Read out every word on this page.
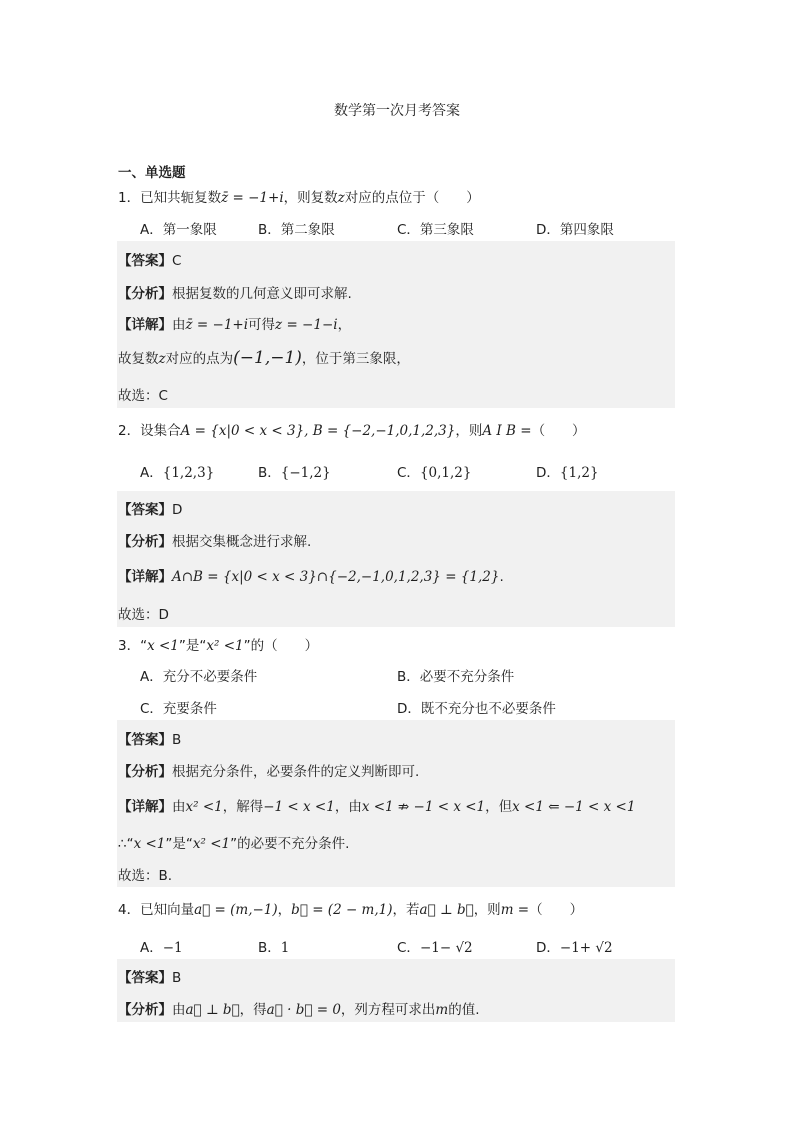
数学第一次月考答案
一、单选题
1．已知共轭复数z̄ = −1+i，则复数z对应的点位于（　　）
A．第一象限	B．第二象限	C．第三象限	D．第四象限
【答案】C
【分析】根据复数的几何意义即可求解.
【详解】由z̄ = −1+i可得z = −1−i，
故复数z对应的点为(−1,−1)，位于第三象限，
故选：C
2．设集合A = {x|0 < x < 3}, B = {−2,−1,0,1,2,3}，则A I B =（　　）
A．{1,2,3}	B．{−1,2}	C．{0,1,2}	D．{1,2}
【答案】D
【分析】根据交集概念进行求解.
【详解】A∩B = {x|0 < x < 3}∩{−2,−1,0,1,2,3} = {1,2}.
故选：D
3．“x <1”是“x² <1”的（　　）
A．充分不必要条件	B．必要不充分条件
C．充要条件	D．既不充分也不必要条件
【答案】B
【分析】根据充分条件，必要条件的定义判断即可.
【详解】由x² <1，解得−1 < x <1，由x <1 ⇏ −1 < x <1，但x <1 ⇐ −1 < x <1
∴“x <1”是“x² <1”的必要不充分条件.
故选：B.
4．已知向量a⃗ = (m,−1)，b⃗ = (2 − m,1)，若a⃗ ⊥ b⃗，则m =（　　）
A．−1	B．1	C．−1− √2	D．−1+ √2
【答案】B
【分析】由a⃗ ⊥ b⃗，得a⃗ · b⃗ = 0，列方程可求出m的值.
